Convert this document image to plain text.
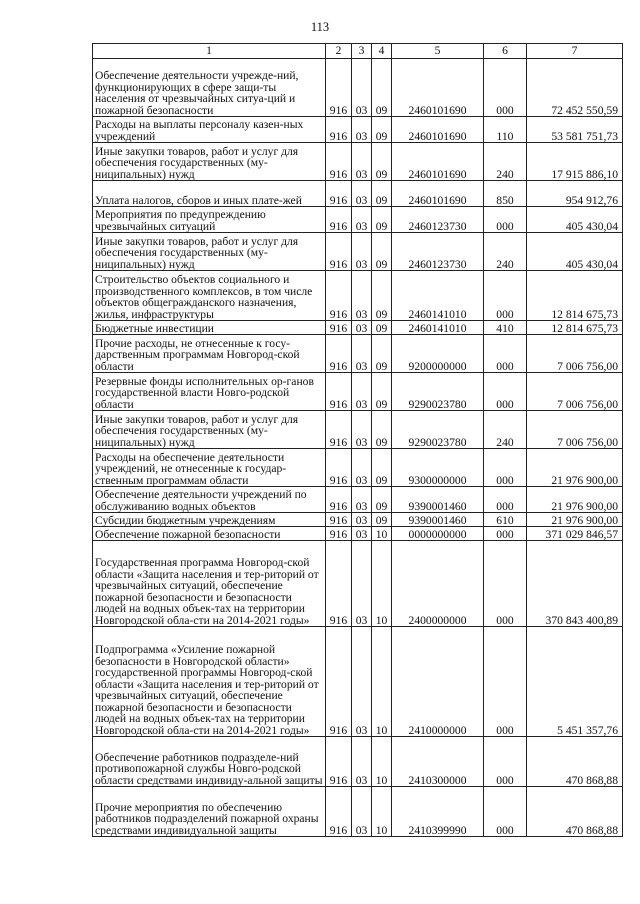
113
1	2	3	4	5	6	7
Обеспечение деятельности учрежде-ний, функционирующих в сфере защи-ты населения от чрезвычайных ситуа-ций и пожарной безопасности	916	03	09	2460101690	000	72 452 550,59
Расходы на выплаты персоналу казен-ных учреждений	916	03	09	2460101690	110	53 581 751,73
Иные закупки товаров, работ и услуг для обеспечения государственных (му-ниципальных) нужд	916	03	09	2460101690	240	17 915 886,10
Уплата налогов, сборов и иных плате-жей	916	03	09	2460101690	850	954 912,76
Мероприятия по предупреждению чрезвычайных ситуаций	916	03	09	2460123730	000	405 430,04
Иные закупки товаров, работ и услуг для обеспечения государственных (му-ниципальных) нужд	916	03	09	2460123730	240	405 430,04
Строительство объектов социального и производственного комплексов, в том числе объектов общегражданского назначения, жилья, инфраструктуры	916	03	09	2460141010	000	12 814 675,73
Бюджетные инвестиции	916	03	09	2460141010	410	12 814 675,73
Прочие расходы, не отнесенные к госу-дарственным программам Новгород-ской области	916	03	09	9200000000	000	7 006 756,00
Резервные фонды исполнительных ор-ганов государственной власти Новго-родской области	916	03	09	9290023780	000	7 006 756,00
Иные закупки товаров, работ и услуг для обеспечения государственных (му-ниципальных) нужд	916	03	09	9290023780	240	7 006 756,00
Расходы на обеспечение деятельности учреждений, не отнесенные к государ-ственным программам области	916	03	09	9300000000	000	21 976 900,00
Обеспечение деятельности учреждений по обслуживанию водных объектов	916	03	09	9390001460	000	21 976 900,00
Субсидии бюджетным учреждениям	916	03	09	9390001460	610	21 976 900,00
Обеспечение пожарной безопасности	916	03	10	0000000000	000	371 029 846,57
Государственная программа Новгород-ской области «Защита населения и тер-риторий от чрезвычайных ситуаций, обеспечение пожарной безопасности и безопасности людей на водных объек-тах на территории Новгородской обла-сти на 2014-2021 годы»	916	03	10	2400000000	000	370 843 400,89
Подпрограмма «Усиление пожарной безопасности в Новгородской области» государственной программы Новгород-ской области «Защита населения и тер-риторий от чрезвычайных ситуаций, обеспечение пожарной безопасности и безопасности людей на водных объек-тах на территории Новгородской обла-сти на 2014-2021 годы»	916	03	10	2410000000	000	5 451 357,76
Обеспечение работников подразделе-ний противопожарной службы Новго-родской области средствами индивиду-альной защиты	916	03	10	2410300000	000	470 868,88
Прочие мероприятия по обеспечению работников подразделений пожарной охраны средствами индивидуальной защиты	916	03	10	2410399990	000	470 868,88
